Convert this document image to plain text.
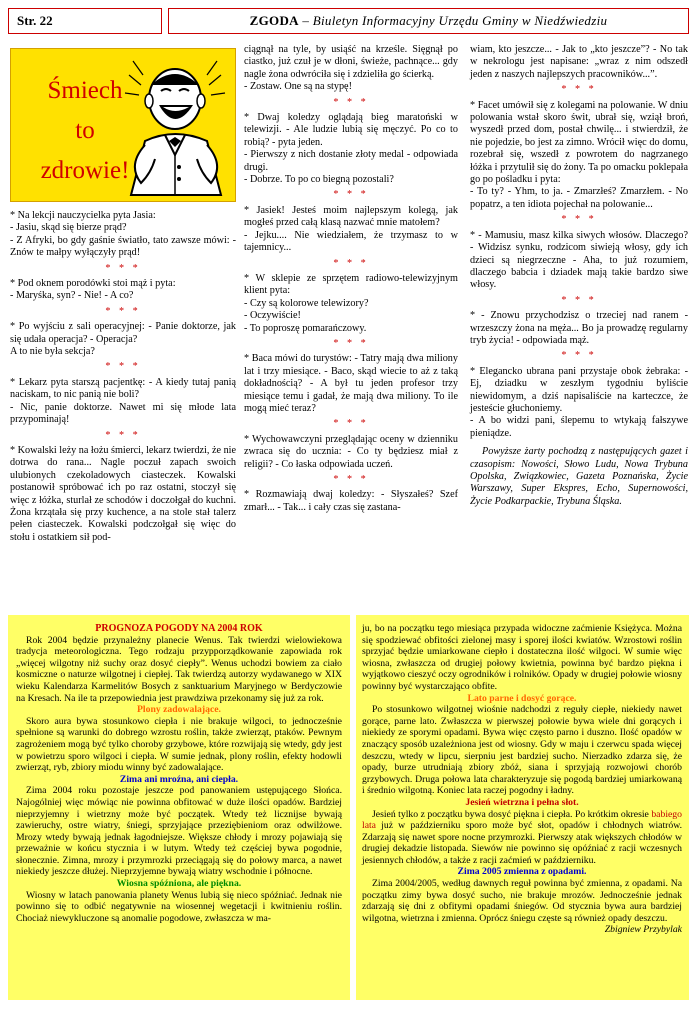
Str. 22	ZGODA – Biuletyn Informacyjny Urzędu Gminy w Niedźwiedziu
Śmiech
to
zdrowie!

* Na lekcji nauczycielka pyta Jasia:

- Jasiu, skąd się bierze prąd?

- Z Afryki, bo gdy gaśnie światło, tato zawsze mówi: - Znów te małpy wyłączyły prąd!

* * *

* Pod oknem porodówki stoi mąż i pyta:

- Maryśka, syn? - Nie! - A co?

* * *

* Po wyjściu z sali operacyjnej: - Panie doktorze, jak się udała operacja? - Operacja?

A to nie była sekcja?

* * *

* Lekarz pyta starszą pacjentkę: - A kiedy tutaj panią naciskam, to nic panią nie boli?

- Nic, panie doktorze. Nawet mi się młode lata przypominają!

* * *

* Kowalski leży na łożu śmierci, lekarz twierdzi, że nie dotrwa do rana... Nagle poczuł zapach swoich ulubionych czekoladowych ciasteczek. Kowalski postanowił spróbować ich po raz ostatni, stoczył się więc z łóżka, sturlał ze schodów i doczołgał do kuchni. Żona krzątała się przy kuchence, a na stole stał talerz pełen ciasteczek. Kowalski podczołgał się więc do stołu i ostatkiem sił pod-

ciągnął na tyle, by usiąść na krześle. Sięgnął po ciastko, już czuł je w dłoni, świeże, pachnące... gdy nagle żona odwróciła się i zdzieliła go ścierką.

- Zostaw. One są na stypę!

* * *

* Dwaj koledzy oglądają bieg maratoński w telewizji. - Ale ludzie lubią się męczyć. Po co to robią? - pyta jeden.

- Pierwszy z nich dostanie złoty medal - odpowiada drugi.

- Dobrze. To po co biegną pozostali?

* * *

* Jasiek! Jesteś moim najlepszym kolegą, jak mogłeś przed całą klasą nazwać mnie matołem?

- Jejku.... Nie wiedziałem, że trzymasz to w tajemnicy...

* * *

* W sklepie ze sprzętem radiowo-telewizyjnym klient pyta:

- Czy są kolorowe telewizory?

- Oczywiście!

- To poproszę pomarańczowy.

* * *

* Baca mówi do turystów: - Tatry mają dwa miliony lat i trzy miesiące. - Baco, skąd wiecie to aż z taką dokładnością? - A był tu jeden profesor trzy miesiące temu i gadał, że mają dwa miliony. To ile mogą mieć teraz?

* * *

* Wychowawczyni przeglądając oceny w dzienniku zwraca się do ucznia: - Co ty będziesz miał z religii? - Co łaska odpowiada uczeń.

* * *

* Rozmawiają dwaj koledzy: - Słyszałeś? Szef zmarł... - Tak... i cały czas się zastana-

wiam, kto jeszcze... - Jak to „kto jeszcze”? - No tak w nekrologu jest napisane: „wraz z nim odszedł jeden z naszych najlepszych pracowników...”.

* * *

* Facet umówił się z kolegami na polowanie. W dniu polowania wstał skoro świt, ubrał się, wziął broń, wyszedł przed dom, postał chwilę... i stwierdził, że nie pojedzie, bo jest za zimno. Wrócił więc do domu, rozebrał się, wszedł z powrotem do nagrzanego łóżka i przytulił się do żony. Ta po omacku poklepała go po pośladku i pyta:

- To ty? - Yhm, to ja. - Zmarzłeś? Zmarzłem. - No popatrz, a ten idiota pojechał na polowanie...

* * *

* - Mamusiu, masz kilka siwych włosów. Dlaczego? - Widzisz synku, rodzicom siwieją włosy, gdy ich dzieci są niegrzeczne - Aha, to już rozumiem, dlaczego babcia i dziadek mają takie bardzo siwe włosy.

* * *

* - Znowu przychodzisz o trzeciej nad ranem - wrzeszczy żona na męża... Bo ja prowadzę regularny tryb życia! - odpowiada mąż.

* * *

* Elegancko ubrana pani przystaje obok żebraka: - Ej, dziadku w zeszłym tygodniu byliście niewidomym, a dziś napisaliście na karteczce, że jesteście głuchoniemy.

- A bo widzi pani, ślepemu to wtykają fałszywe pieniądze.

Powyższe żarty pochodzą z następujących gazet i czasopism: Nowości, Słowo Ludu, Nowa Trybuna Opolska, Związkowiec, Gazeta Poznańska, Życie Warszawy, Super Ekspres, Echo, Supernowości, Życie Podkarpackie, Trybuna Śląska.

PROGNOZA POGODY NA 2004 ROK

Rok 2004 będzie przynależny planecie Wenus. Tak twierdzi wielowiekowa tradycja meteorologiczna. Tego rodzaju przypporządkowanie zapowiada rok „więcej wilgotny niż suchy oraz dosyć ciepły”. Wenus uchodzi bowiem za ciało kosmiczne o naturze wilgotnej i ciepłej. Tak twierdzą autorzy wydawanego w XIX wieku Kalendarza Karmelitów Bosych z sanktuarium Maryjnego w Berdyczowie na Kresach. Na ile ta przepowiednia jest prawdziwa przekonamy się już za rok.

Plony zadowalające.

Skoro aura bywa stosunkowo ciepła i nie brakuje wilgoci, to jednocześnie spełnione są warunki do dobrego wzrostu roślin, także zwierząt, ptaków. Pewnym zagrożeniem mogą być tylko choroby grzybowe, które rozwijają się wtedy, gdy jest w powietrzu sporo wilgoci i ciepła. W sumie jednak, plony roślin, efekty hodowli zwierząt, ryb, zbiory miodu winny być zadowalające.

Zima ani mroźna, ani ciepła.

Zima 2004 roku pozostaje jeszcze pod panowaniem ustępującego Słońca. Najogólniej więc mówiąc nie powinna obfitować w duże ilości opadów. Bardziej nieprzyjemny i wietrzny może być początek. Wtedy też licznijse bywają zawieruchy, ostre wiatry, śniegi, sprzyjające przeziębieniom oraz odwilżowe. Mrozy wtedy bywają jednak łagodniejsze. Większe chłody i mrozy pojawiają się przeważnie w końcu stycznia i w lutym. Wtedy też częściej bywa pogodnie, słonecznie. Zimna, mrozy i przymrozki przeciągają się do połowy marca, a nawet niekiedy jeszcze dłużej. Nieprzyjemne bywają wiatry wschodnie i północne.

Wiosna spóźniona, ale piękna.

Wiosny w latach panowania planety Wenus lubią się nieco spóźniać. Jednak nie powinno się to odbić negatywnie na wiosennej wegetacji i kwitnieniu roślin. Chociaż niewykluczone są anomalie pogodowe, zwłaszcza w ma-

ju, bo na początku tego miesiąca przypada widoczne zaćmienie Księżyca. Można się spodziewać obfitości zielonej masy i sporej ilości kwiatów. Wzrostowi roślin sprzyjać będzie umiarkowane ciepło i dostateczna ilość wilgoci. W sumie więc wiosna, zwłaszcza od drugiej połowy kwietnia, powinna być bardzo piękna i wyjątkowo cieszyć oczy ogrodników i rolników. Opady w drugiej połowie wiosny powinny być wystarczająco obfite.

Lato parne i dosyć gorące.

Po stosunkowo wilgotnej wiośnie nadchodzi z reguły ciepłe, niekiedy nawet gorące, parne lato. Zwłaszcza w pierwszej połowie bywa wiele dni gorących i niekiedy ze sporymi opadami. Bywa więc często parno i duszno. Ilość opadów w znaczący sposób uzależniona jest od wiosny. Gdy w maju i czerwcu spada więcej deszczu, wtedy w lipcu, sierpniu jest bardziej sucho. Nierzadko zdarza się, że opady, burze utrudniają zbiory zbóż, siana i sprzyjają rozwojowi chorób grzybowych. Druga połowa lata charakteryzuje się pogodą bardziej umiarkowaną i średnio wilgotną. Koniec lata raczej pogodny i ładny.

Jesień wietrzna i pełna słot.

Jesień tylko z początku bywa dosyć piękna i ciepła. Po krótkim okresie babiego lata już w październiku sporo może być słot, opadów i chłodnych wiatrów. Zdarzają się nawet spore nocne przymrozki. Pierwszy atak większych chłodów w drugiej dekadzie listopada. Siewów nie powinno się opóźniać z racji wczesnych jesiennych chłodów, a także z racji zaćmień w październiku.

Zima 2005 zmienna z opadami.

Zima 2004/2005, według dawnych reguł powinna być zmienna, z opadami. Na początku zimy bywa dosyć sucho, nie brakuje mrozów. Jednocześnie jednak zdarzają się dni z obfitymi opadami śniegów. Od stycznia bywa aura bardziej wilgotna, wietrzna i zmienna. Oprócz śniegu częste są również opady deszczu.

Zbigniew Przybylak
